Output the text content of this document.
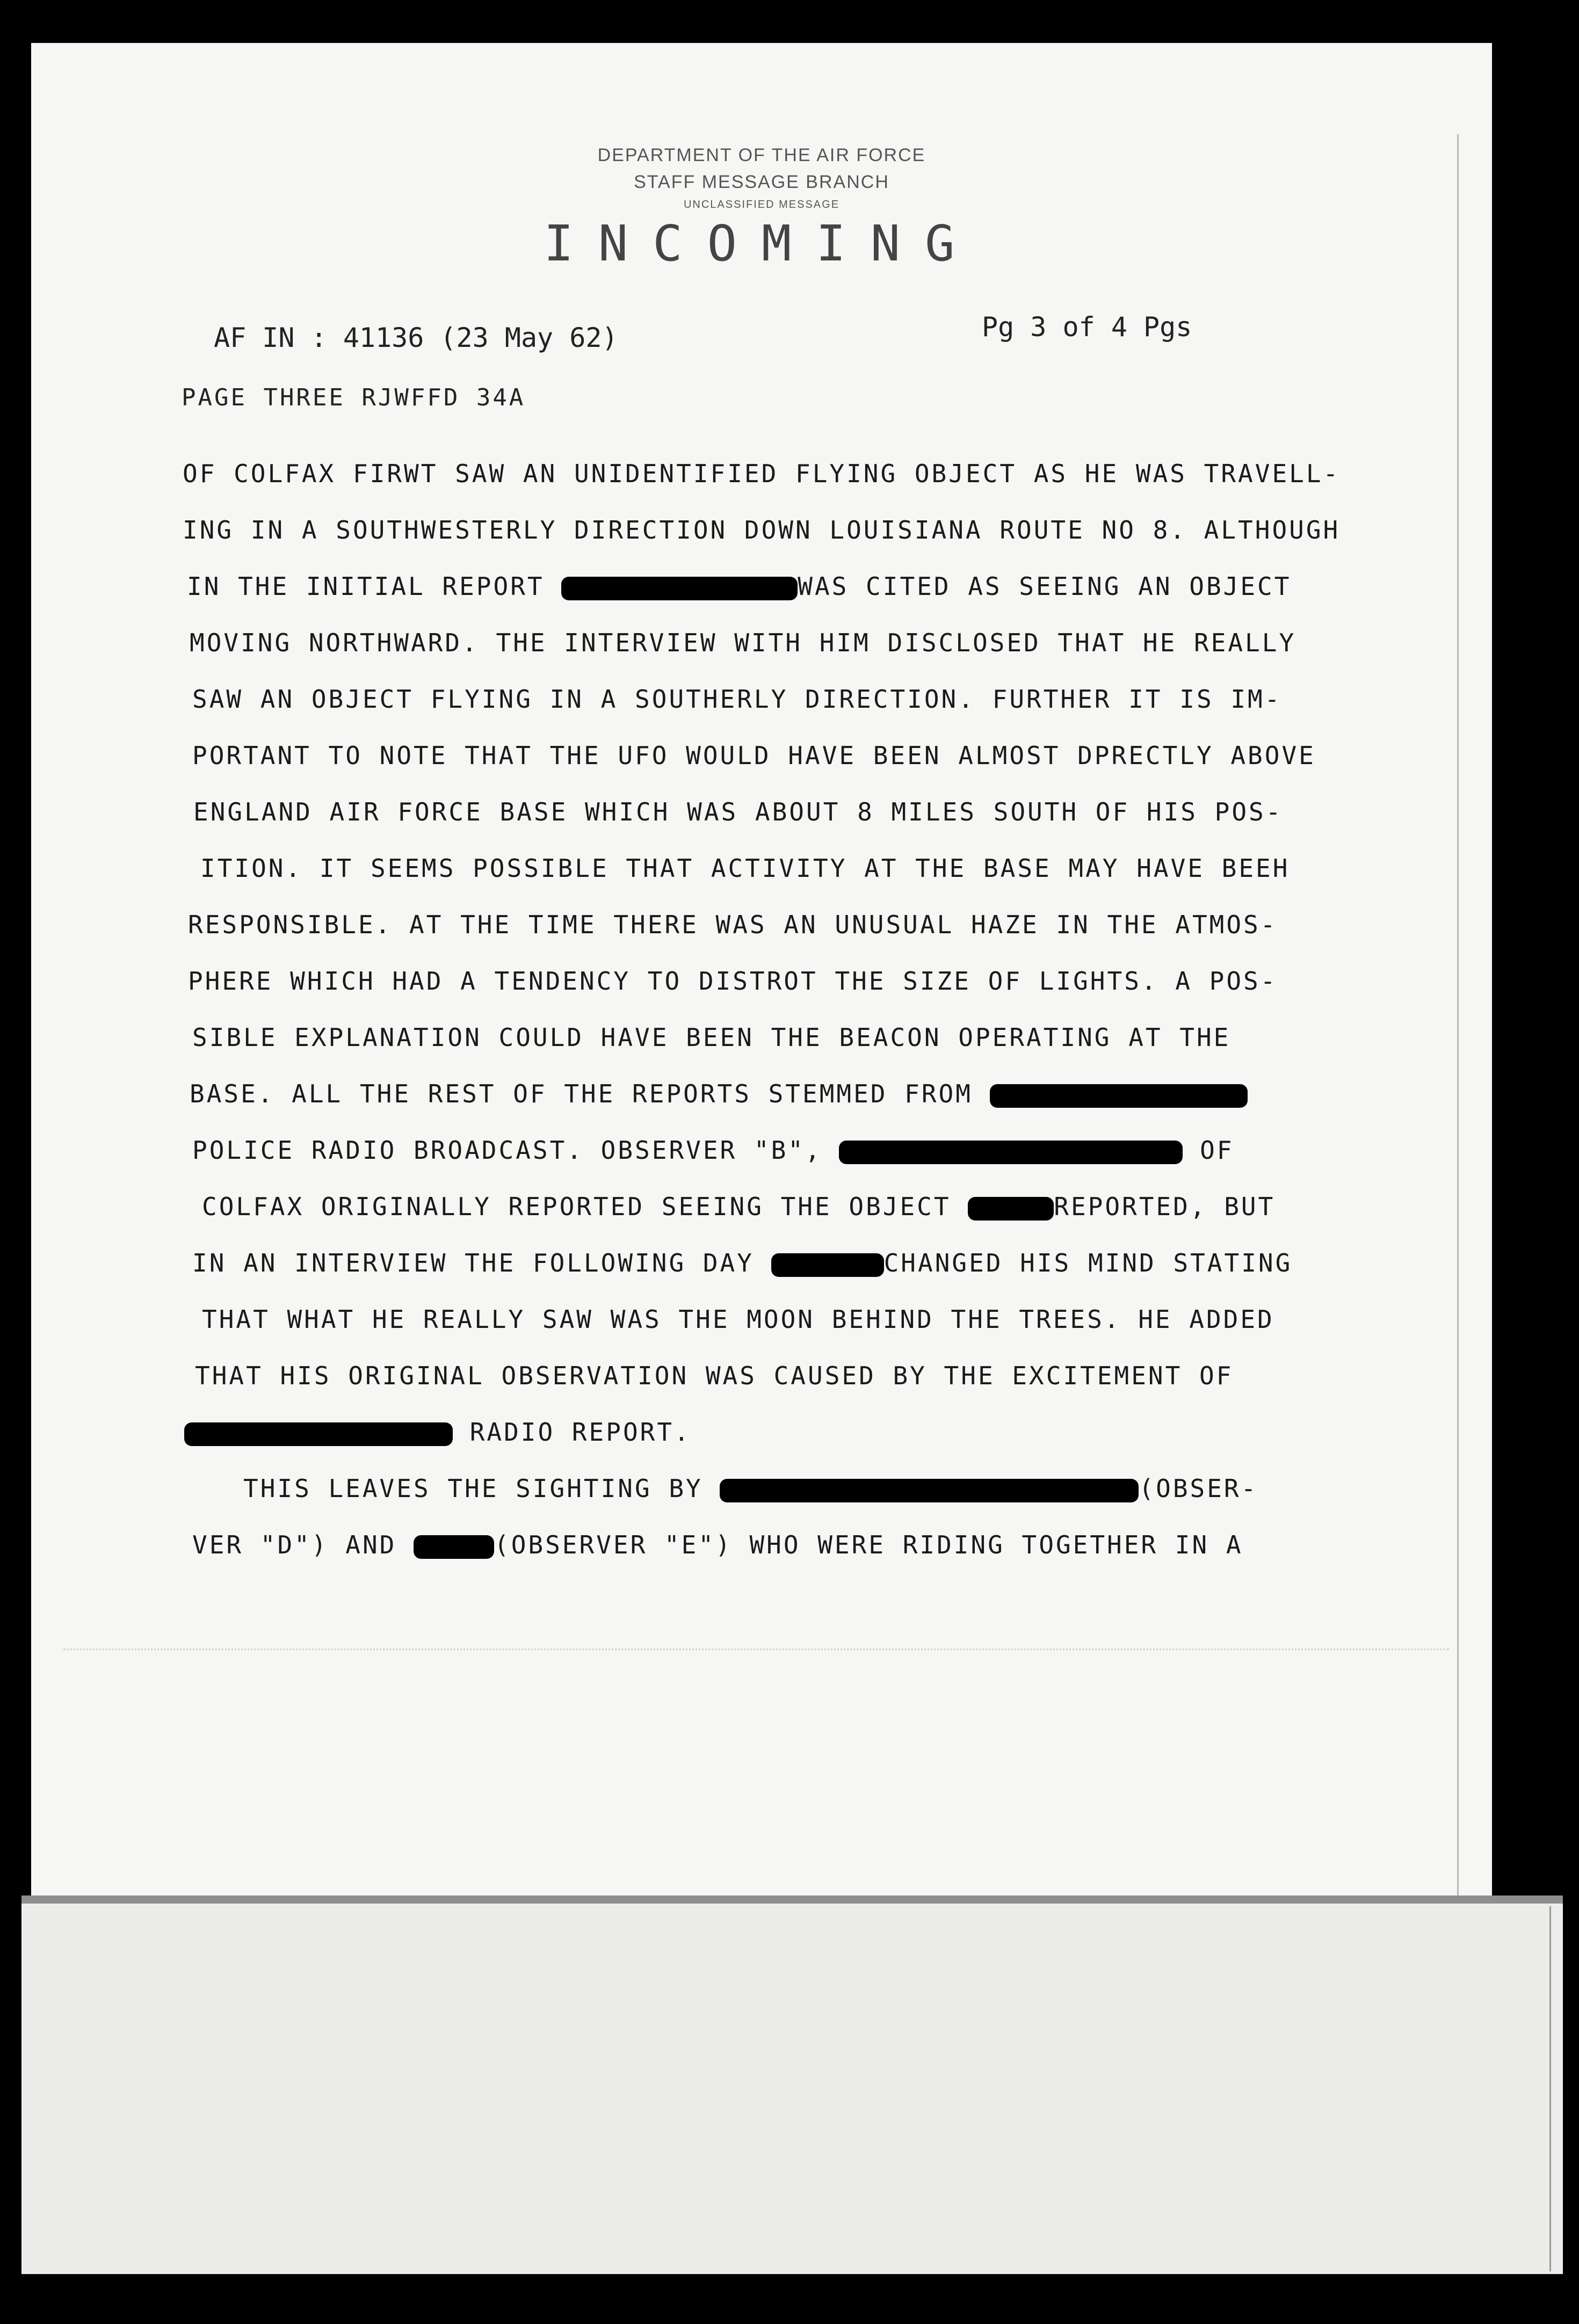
DEPARTMENT OF THE AIR FORCE
STAFF MESSAGE BRANCH
UNCLASSIFIED MESSAGE
INCOMING
AF IN : 41136 (23 May 62)	Pg 3 of 4 Pgs
PAGE THREE RJWFFD 34A
OF COLFAX FIRWT SAW AN UNIDENTIFIED FLYING OBJECT AS HE WAS TRAVELL-
ING IN A SOUTHWESTERLY DIRECTION DOWN LOUISIANA ROUTE NO 8. ALTHOUGH
IN THE INITIAL REPORT	WAS CITED AS SEEING AN OBJECT
MOVING NORTHWARD. THE INTERVIEW WITH HIM DISCLOSED THAT HE REALLY
SAW AN OBJECT FLYING IN A SOUTHERLY DIRECTION. FURTHER IT IS IM-
PORTANT TO NOTE THAT THE UFO WOULD HAVE BEEN ALMOST DPRECTLY ABOVE
ENGLAND AIR FORCE BASE WHICH WAS ABOUT 8 MILES SOUTH OF HIS POS-
ITION. IT SEEMS POSSIBLE THAT ACTIVITY AT THE BASE MAY HAVE BEEH
RESPONSIBLE. AT THE TIME THERE WAS AN UNUSUAL HAZE IN THE ATMOS-
PHERE WHICH HAD A TENDENCY TO DISTROT THE SIZE OF LIGHTS. A POS-
SIBLE EXPLANATION COULD HAVE BEEN THE BEACON OPERATING AT THE
BASE. ALL THE REST OF THE REPORTS STEMMED FROM
POLICE RADIO BROADCAST. OBSERVER "B",	OF
COLFAX ORIGINALLY REPORTED SEEING THE OBJECT	REPORTED, BUT
IN AN INTERVIEW THE FOLLOWING DAY	CHANGED HIS MIND STATING
THAT WHAT HE REALLY SAW WAS THE MOON BEHIND THE TREES. HE ADDED
THAT HIS ORIGINAL OBSERVATION WAS CAUSED BY THE EXCITEMENT OF
RADIO REPORT.
THIS LEAVES THE SIGHTING BY	(OBSER-
VER "D") AND	(OBSERVER "E") WHO WERE RIDING TOGETHER IN A
